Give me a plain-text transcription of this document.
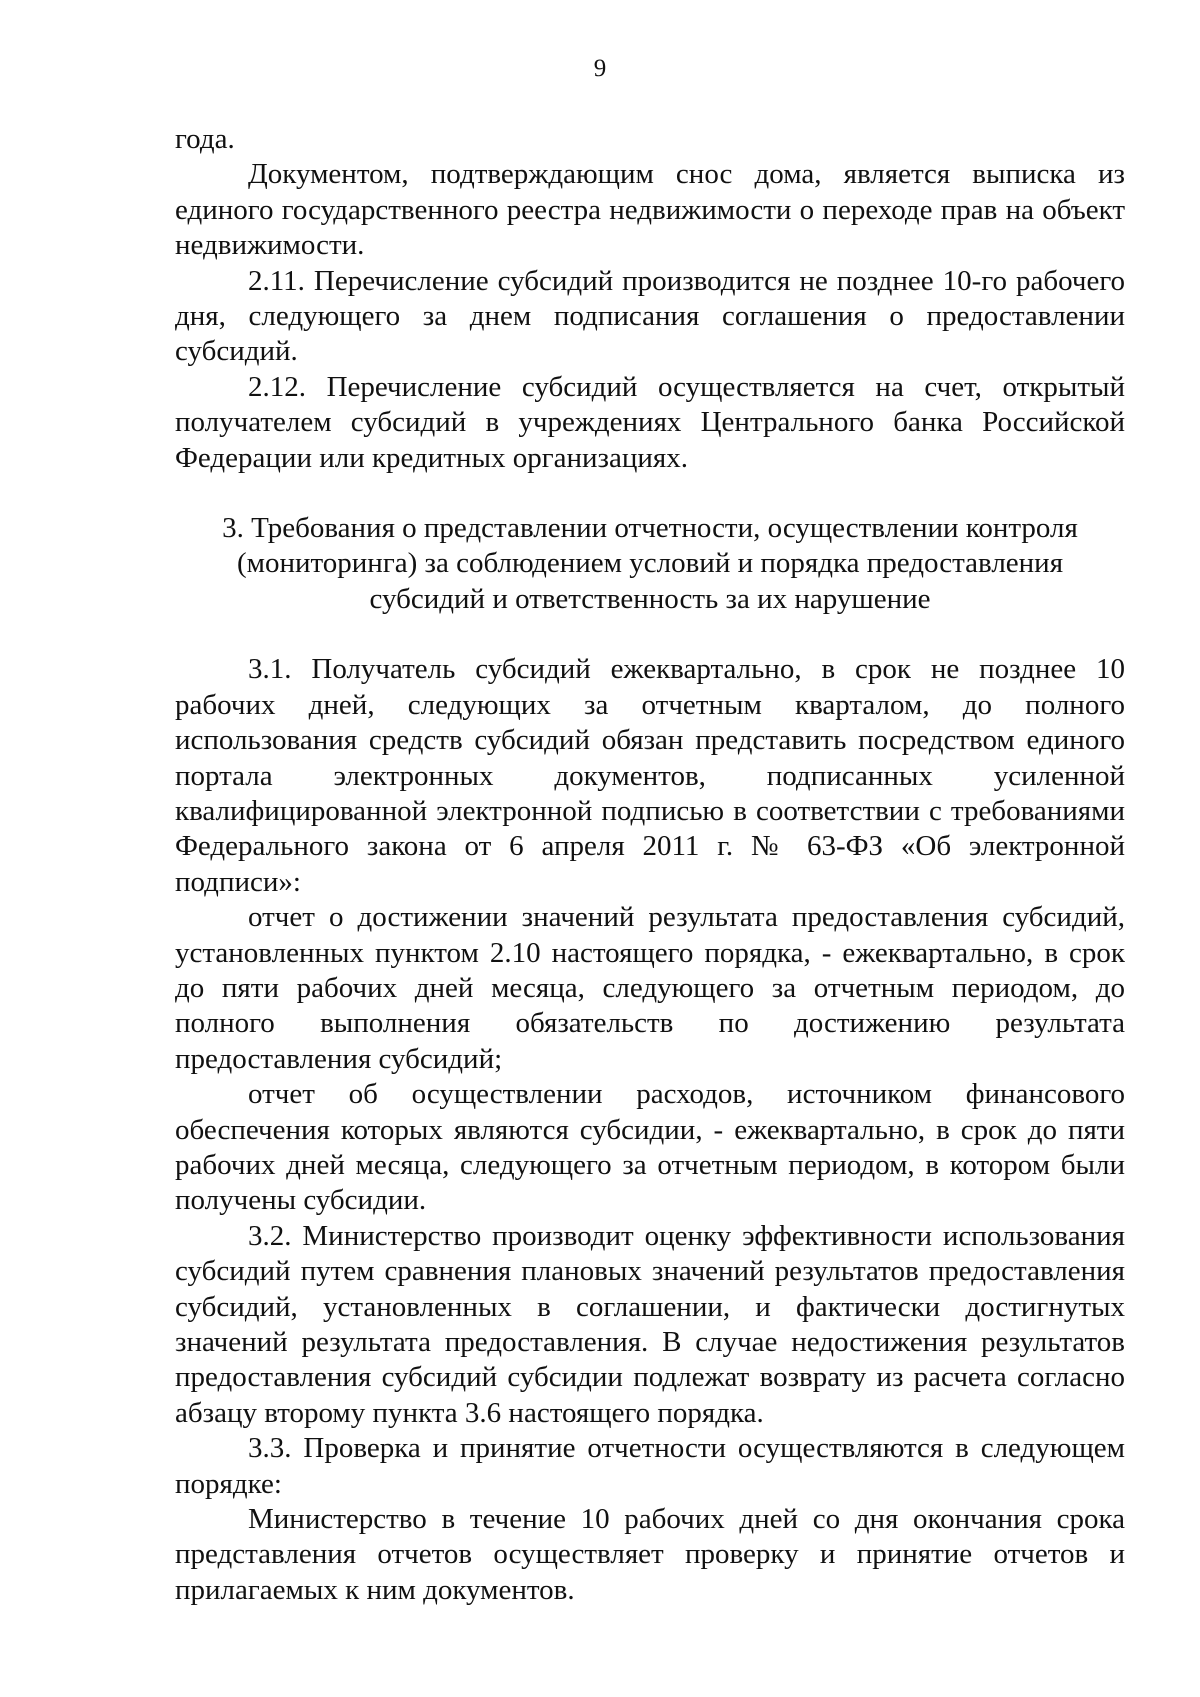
9

года.

Документом, подтверждающим снос дома, является выписка из единого государственного реестра недвижимости о переходе прав на объект недвижимости.

2.11. Перечисление субсидий производится не позднее 10-го рабочего дня, следующего за днем подписания соглашения о предоставлении субсидий.

2.12. Перечисление субсидий осуществляется на счет, открытый получателем субсидий в учреждениях Центрального банка Российской Федерации или кредитных организациях.

3. Требования о представлении отчетности, осуществлении контроля (мониторинга) за соблюдением условий и порядка предоставления субсидий и ответственность за их нарушение

3.1. Получатель субсидий ежеквартально, в срок не позднее 10 рабочих дней, следующих за отчетным кварталом, до полного использования средств субсидий обязан представить посредством единого портала электронных документов, подписанных усиленной квалифицированной электронной подписью в соответствии с требованиями Федерального закона от 6 апреля 2011 г. № 63-ФЗ «Об электронной подписи»:

отчет о достижении значений результата предоставления субсидий, установленных пунктом 2.10 настоящего порядка, - ежеквартально, в срок до пяти рабочих дней месяца, следующего за отчетным периодом, до полного выполнения обязательств по достижению результата предоставления субсидий;

отчет об осуществлении расходов, источником финансового обеспечения которых являются субсидии, - ежеквартально, в срок до пяти рабочих дней месяца, следующего за отчетным периодом, в котором были получены субсидии.

3.2. Министерство производит оценку эффективности использования субсидий путем сравнения плановых значений результатов предоставления субсидий, установленных в соглашении, и фактически достигнутых значений результата предоставления. В случае недостижения результатов предоставления субсидий субсидии подлежат возврату из расчета согласно абзацу второму пункта 3.6 настоящего порядка.

3.3. Проверка и принятие отчетности осуществляются в следующем порядке:

Министерство в течение 10 рабочих дней со дня окончания срока представления отчетов осуществляет проверку и принятие отчетов и прилагаемых к ним документов.
